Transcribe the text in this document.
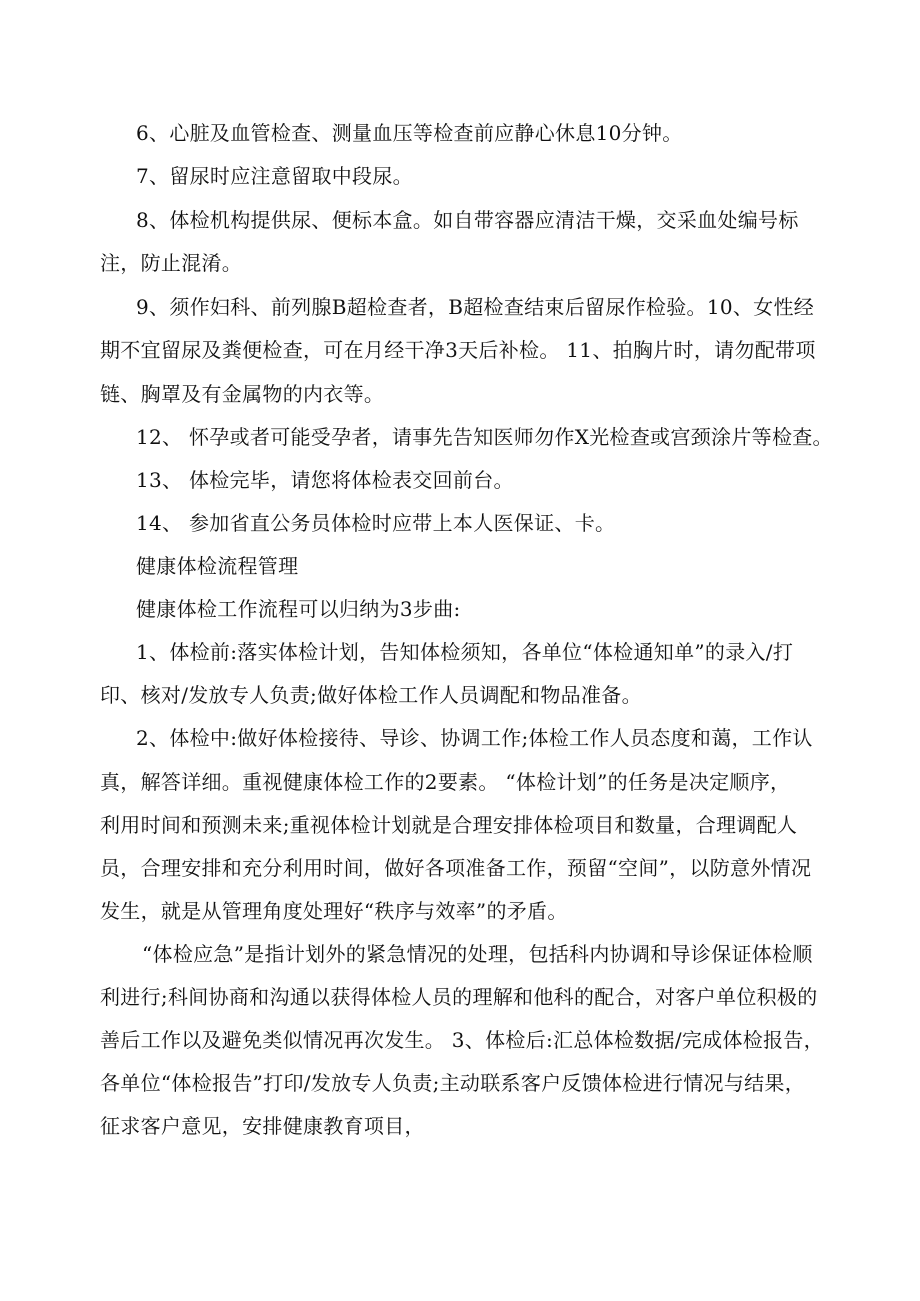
6、心脏及血管检查、测量血压等检查前应静心休息10分钟。
7、留尿时应注意留取中段尿。
8、体检机构提供尿、便标本盒。如自带容器应清洁干燥，交采血处编号标
注，防止混淆。
9、须作妇科、前列腺B超检查者，B超检查结束后留尿作检验。10、女性经
期不宜留尿及粪便检查，可在月经干净3天后补检。 11、拍胸片时，请勿配带项
链、胸罩及有金属物的内衣等。
12、 怀孕或者可能受孕者，请事先告知医师勿作X光检查或宫颈涂片等检查。
13、 体检完毕，请您将体检表交回前台。
14、 参加省直公务员体检时应带上本人医保证、卡。
健康体检流程管理
健康体检工作流程可以归纳为3步曲:
1、体检前:落实体检计划，告知体检须知，各单位“体检通知单”的录入/打
印、核对/发放专人负责;做好体检工作人员调配和物品准备。
2、体检中:做好体检接待、导诊、协调工作;体检工作人员态度和蔼，工作认
真，解答详细。重视健康体检工作的2要素。 “体检计划”的任务是决定顺序，
利用时间和预测未来;重视体检计划就是合理安排体检项目和数量，合理调配人
员，合理安排和充分利用时间，做好各项准备工作，预留“空间”，以防意外情况
发生，就是从管理角度处理好“秩序与效率”的矛盾。
“体检应急”是指计划外的紧急情况的处理，包括科内协调和导诊保证体检顺
利进行;科间协商和沟通以获得体检人员的理解和他科的配合，对客户单位积极的
善后工作以及避免类似情况再次发生。 3、体检后:汇总体检数据/完成体检报告，
各单位“体检报告”打印/发放专人负责;主动联系客户反馈体检进行情况与结果，
征求客户意见，安排健康教育项目，
